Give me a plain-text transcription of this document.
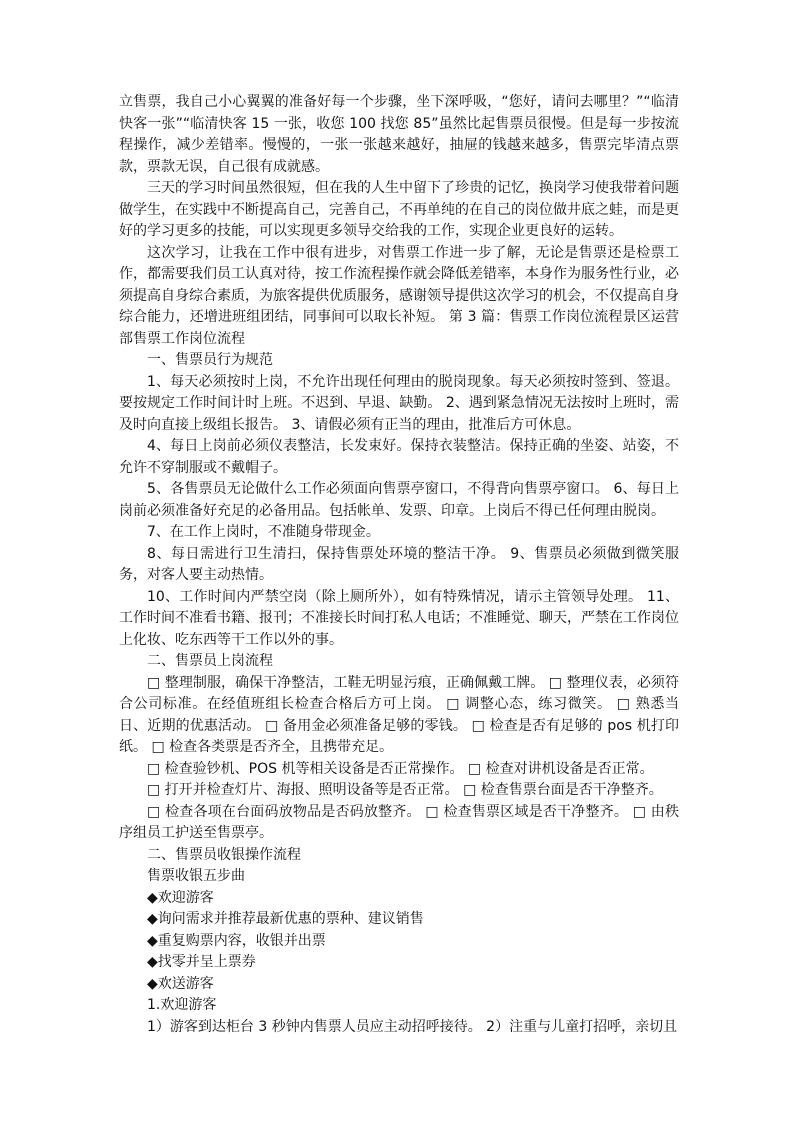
立售票，我自己小心翼翼的准备好每一个步骤，坐下深呼吸，“您好，请问去哪里？”“临清快客一张”“临清快客 15 一张，收您 100 找您 85”虽然比起售票员很慢。但是每一步按流程操作，减少差错率。慢慢的，一张一张越来越好，抽屉的钱越来越多，售票完毕清点票款，票款无误，自己很有成就感。

三天的学习时间虽然很短，但在我的人生中留下了珍贵的记忆，换岗学习使我带着问题做学生，在实践中不断提高自己，完善自己，不再单纯的在自己的岗位做井底之蛙，而是更好的学习更多的技能，可以实现更多领导交给我的工作，实现企业更良好的运转。

这次学习，让我在工作中很有进步，对售票工作进一步了解，无论是售票还是检票工作，都需要我们员工认真对待，按工作流程操作就会降低差错率，本身作为服务性行业，必须提高自身综合素质，为旅客提供优质服务，感谢领导提供这次学习的机会，不仅提高自身综合能力，还增进班组团结，同事间可以取长补短。 第 3 篇：售票工作岗位流程景区运营部售票工作岗位流程

一、售票员行为规范

1、每天必须按时上岗，不允许出现任何理由的脱岗现象。每天必须按时签到、签退。要按规定工作时间计时上班。不迟到、早退、缺勤。 2、遇到紧急情况无法按时上班时，需及时向直接上级组长报告。 3、请假必须有正当的理由，批准后方可休息。

4、每日上岗前必须仪表整洁，长发束好。保持衣装整洁。保持正确的坐姿、站姿，不允许不穿制服或不戴帽子。

5、各售票员无论做什么工作必须面向售票亭窗口，不得背向售票亭窗口。 6、每日上岗前必须准备好充足的必备用品。包括帐单、发票、印章。上岗后不得已任何理由脱岗。

7、在工作上岗时，不准随身带现金。

8、每日需进行卫生清扫，保持售票处环境的整洁干净。 9、售票员必须做到微笑服务，对客人要主动热情。

10、工作时间内严禁空岗（除上厕所外），如有特殊情况，请示主管领导处理。 11、工作时间不准看书籍、报刊；不准接长时间打私人电话；不准睡觉、聊天，严禁在工作岗位上化妆、吃东西等干工作以外的事。

二、售票员上岗流程

□ 整理制服，确保干净整洁，工鞋无明显污痕，正确佩戴工牌。 □ 整理仪表，必须符合公司标准。在经值班组长检查合格后方可上岗。 □ 调整心态，练习微笑。 □ 熟悉当日、近期的优惠活动。 □ 备用金必须准备足够的零钱。 □ 检查是否有足够的 pos 机打印纸。 □ 检查各类票是否齐全，且携带充足。

□ 检查验钞机、POS 机等相关设备是否正常操作。 □ 检查对讲机设备是否正常。

□ 打开并检查灯片、海报、照明设备等是否正常。 □ 检查售票台面是否干净整齐。

□ 检查各项在台面码放物品是否码放整齐。 □ 检查售票区域是否干净整齐。 □ 由秩序组员工护送至售票亭。

二、售票员收银操作流程

售票收银五步曲

◆欢迎游客

◆询问需求并推荐最新优惠的票种、建议销售

◆重复购票内容，收银并出票

◆找零并呈上票券

◆欢送游客

1.欢迎游客

1）游客到达柜台 3 秒钟内售票人员应主动招呼接待。 2）注重与儿童打招呼，亲切且
